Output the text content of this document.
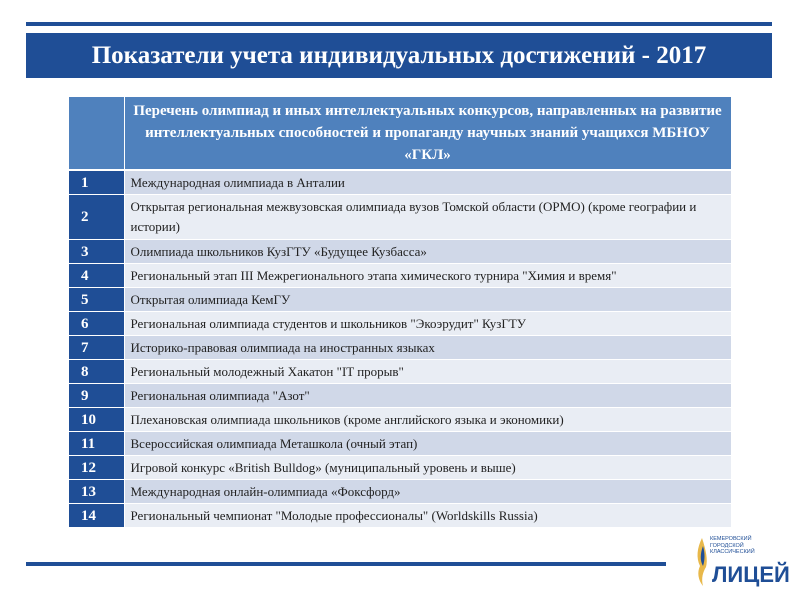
Показатели учета индивидуальных достижений - 2017
	Перечень олимпиад и иных интеллектуальных конкурсов, направленных на развитие интеллектуальных способностей и пропаганду научных знаний учащихся МБНОУ «ГКЛ»
1	Международная олимпиада в Анталии
2	Открытая региональная межвузовская олимпиада вузов Томской области (ОРМО) (кроме географии и истории)
3	Олимпиада школьников КузГТУ «Будущее Кузбасса»
4	Региональный этап III Межрегионального этапа химического турнира "Химия и время"
5	Открытая олимпиада КемГУ
6	Региональная олимпиада студентов и школьников "Экоэрудит" КузГТУ
7	Историко-правовая олимпиада на иностранных языках
8	Региональный молодежный Хакатон "IT прорыв"
9	Региональная олимпиада "Азот"
10	Плехановская олимпиада школьников (кроме английского языка и экономики)
11	Всероссийская олимпиада Меташкола (очный этап)
12	Игровой конкурс «British Bulldog» (муниципальный уровень и выше)
13	Международная онлайн-олимпиада «Фоксфорд»
14	Региональный чемпионат "Молодые профессионалы" (Worldskills Russia)
КЕМЕРОВСКИЙ ГОРОДСКОЙ КЛАССИЧЕСКИЙ
ЛИЦЕЙ
